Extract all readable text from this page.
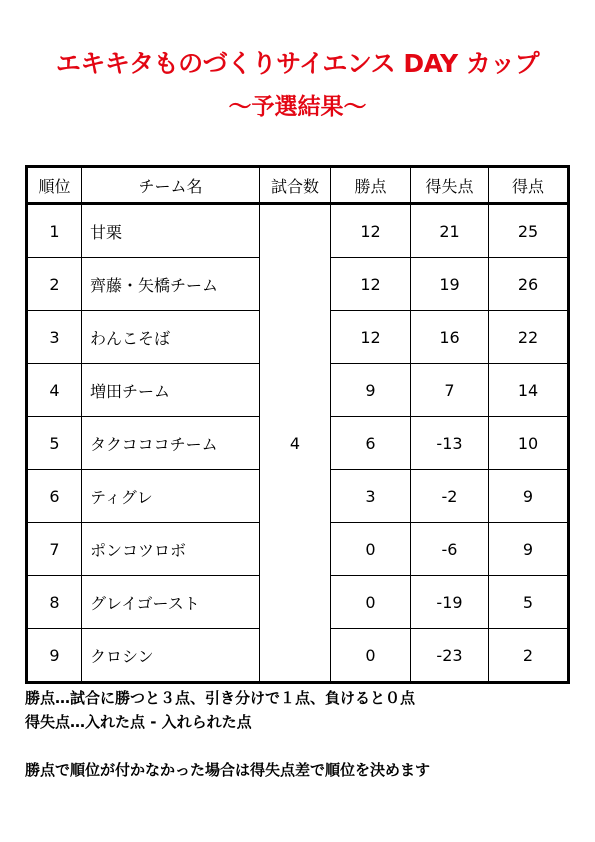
エキキタものづくりサイエンス DAY カップ
～予選結果～
順位	チーム名	試合数	勝点	得失点	得点
1	甘栗	4	12	21	25
2	齊藤・矢橋チーム		12	19	26
3	わんこそば		12	16	22
4	増田チーム		9	7	14
5	タクコココチーム		6	-13	10
6	ティグレ		3	-2	9
7	ポンコツロボ		0	-6	9
8	グレイゴースト		0	-19	5
9	クロシン		0	-23	2
勝点…試合に勝つと３点、引き分けで１点、負けると０点
得失点…入れた点 - 入れられた点
勝点で順位が付かなかった場合は得失点差で順位を決めます
